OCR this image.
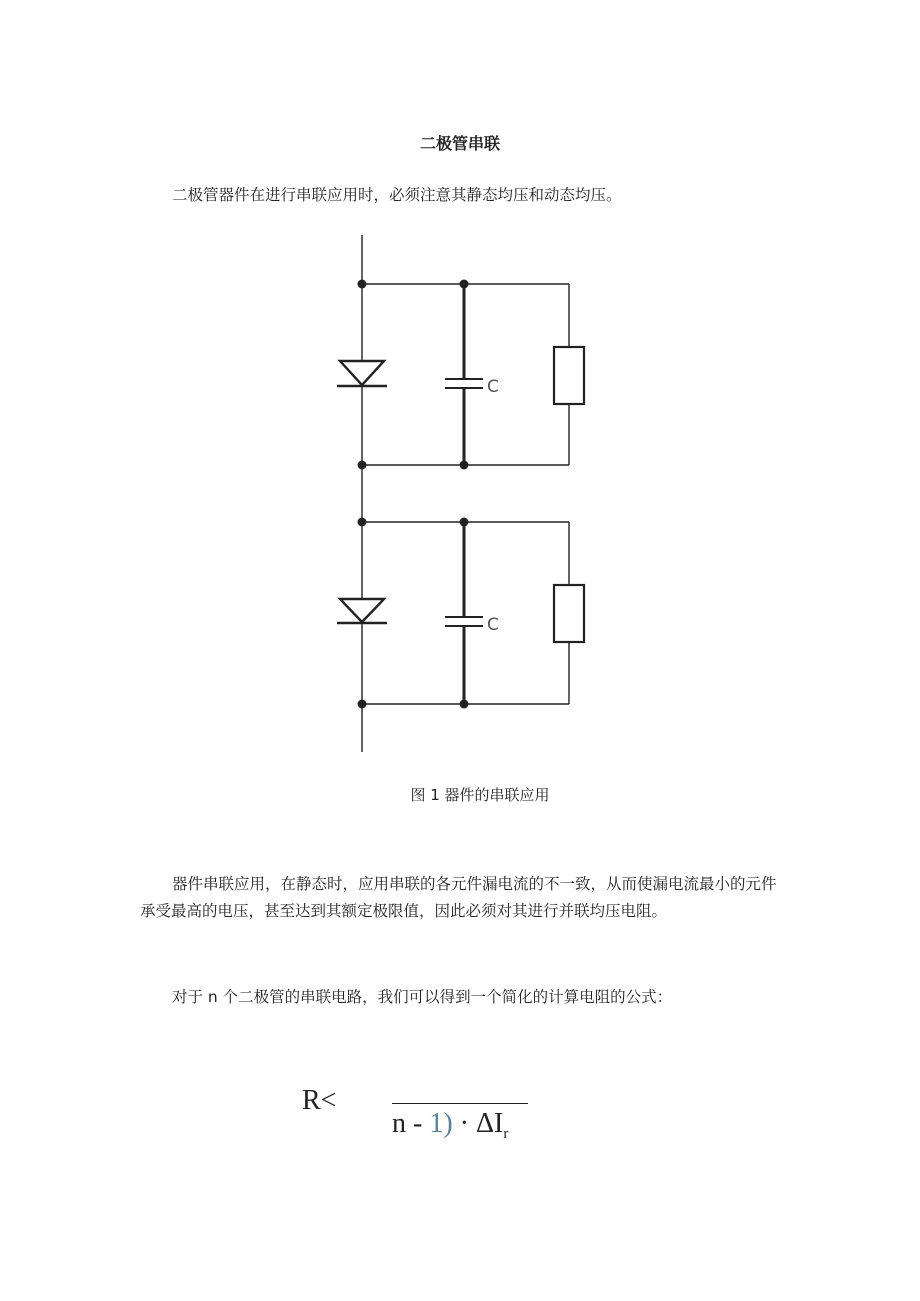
二极管串联
二极管器件在进行串联应用时，必须注意其静态均压和动态均压。
C
C
图 1 器件的串联应用
器件串联应用，在静态时，应用串联的各元件漏电流的不一致，从而使漏电流最小的元件承受最高的电压，甚至达到其额定极限值，因此必须对其进行并联均压电阻。
对于 n 个二极管的串联电路，我们可以得到一个简化的计算电阻的公式：
R<
$n - 1) \cdot \Delta I_r$
